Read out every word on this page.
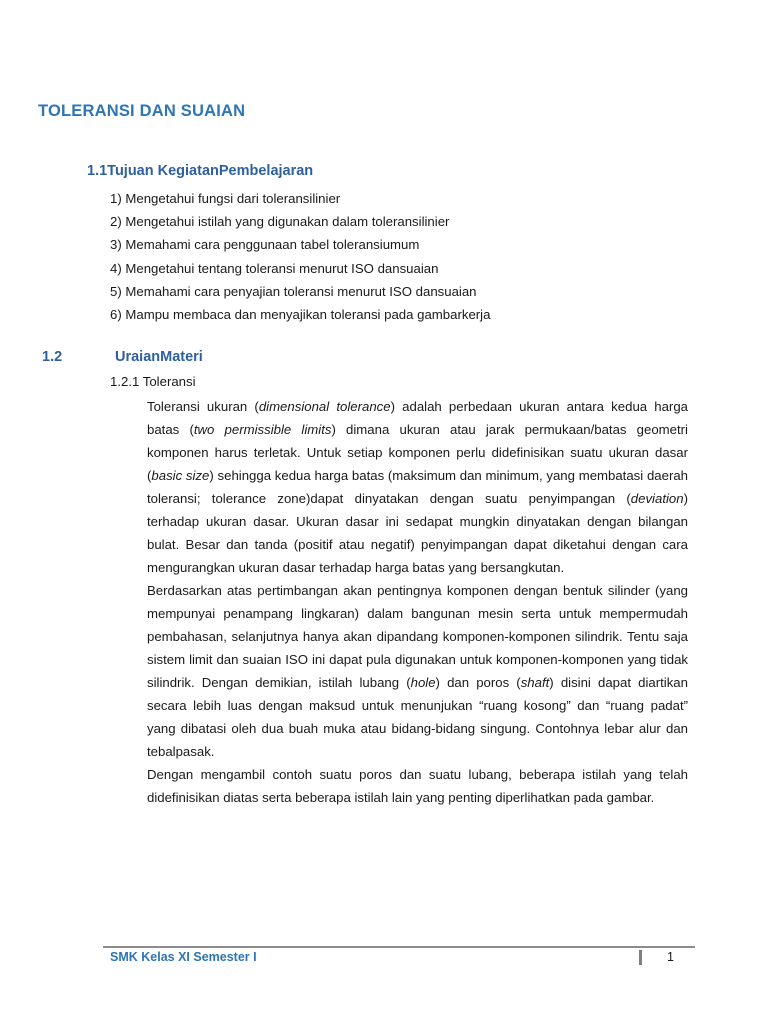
TOLERANSI DAN SUAIAN
1.1Tujuan KegiatanPembelajaran
1) Mengetahui fungsi dari toleransilinier
2) Mengetahui istilah yang digunakan dalam toleransilinier
3) Memahami cara penggunaan tabel toleransiumum
4) Mengetahui tentang toleransi menurut ISO dansuaian
5) Memahami cara penyajian toleransi menurut ISO dansuaian
6) Mampu membaca dan menyajikan toleransi pada gambarkerja
1.2	UraianMateri
1.2.1 Toleransi

Toleransi ukuran (dimensional tolerance) adalah perbedaan ukuran antara kedua harga batas (two permissible limits) dimana ukuran atau jarak permukaan/batas geometri komponen harus terletak. Untuk setiap komponen perlu didefinisikan suatu ukuran dasar (basic size) sehingga kedua harga batas (maksimum dan minimum, yang membatasi daerah toleransi; tolerance zone)dapat dinyatakan dengan suatu penyimpangan (deviation) terhadap ukuran dasar. Ukuran dasar ini sedapat mungkin dinyatakan dengan bilangan bulat. Besar dan tanda (positif atau negatif) penyimpangan dapat diketahui dengan cara mengurangkan ukuran dasar terhadap harga batas yang bersangkutan.

Berdasarkan atas pertimbangan akan pentingnya komponen dengan bentuk silinder (yang mempunyai penampang lingkaran) dalam bangunan mesin serta untuk mempermudah pembahasan, selanjutnya hanya akan dipandang komponen-komponen silindrik. Tentu saja sistem limit dan suaian ISO ini dapat pula digunakan untuk komponen-komponen yang tidak silindrik. Dengan demikian, istilah lubang (hole) dan poros (shaft) disini dapat diartikan secara lebih luas dengan maksud untuk menunjukan “ruang kosong” dan “ruang padat” yang dibatasi oleh dua buah muka atau bidang-bidang singung. Contohnya lebar alur dan tebalpasak.

Dengan mengambil contoh suatu poros dan suatu lubang, beberapa istilah yang telah didefinisikan diatas serta beberapa istilah lain yang penting diperlihatkan pada gambar.

SMK Kelas XI Semester I	1
